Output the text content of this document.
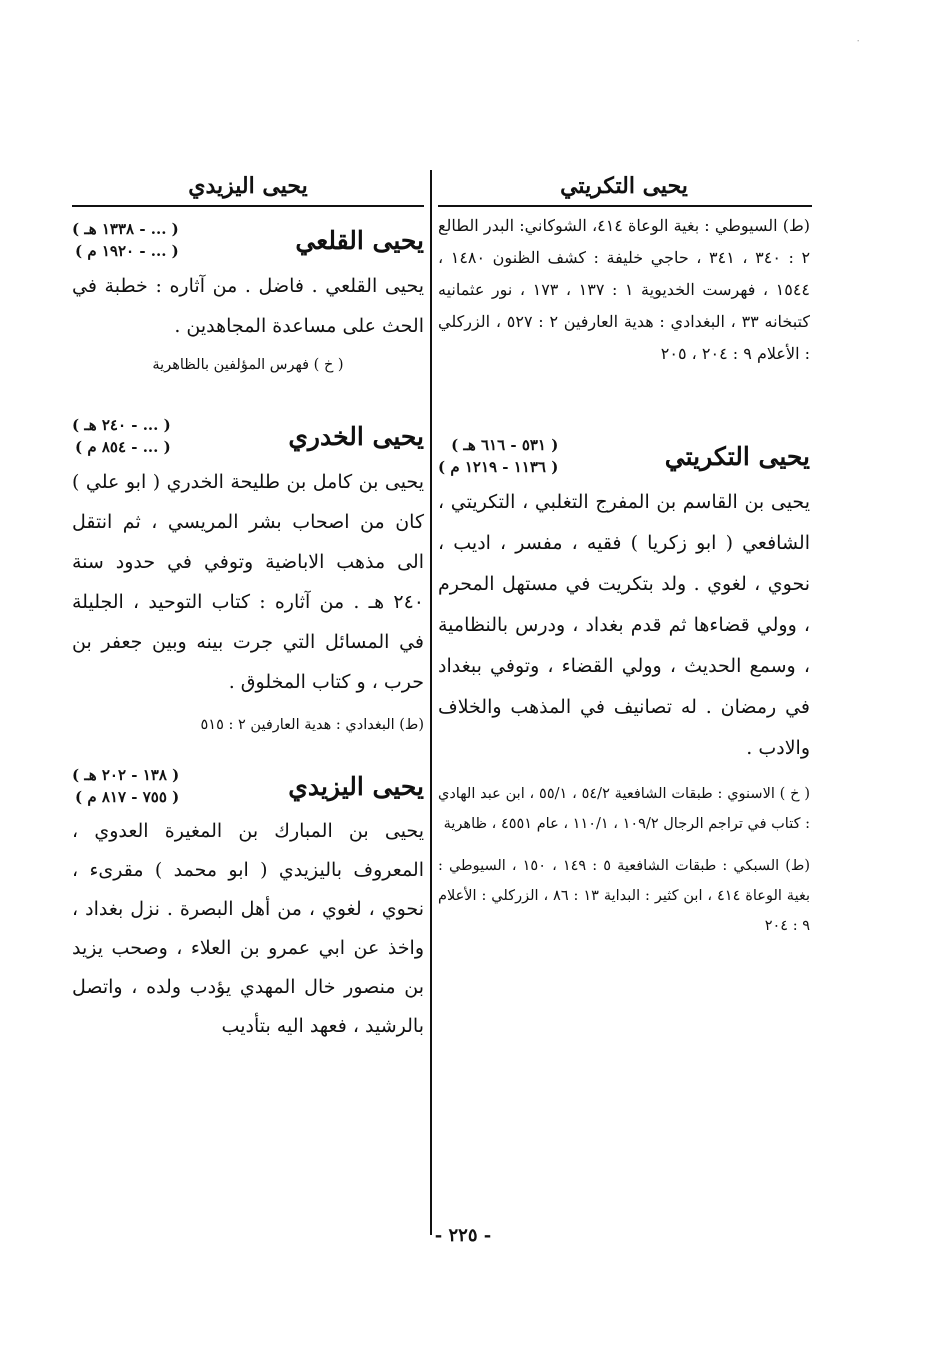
٠
يحيى التكريتي

(ط) السيوطي : بغية الوعاة ٤١٤، الشوكاني: البدر الطالع ٢ : ٣٤٠ ، ٣٤١ ، حاجي خليفة : كشف الظنون ١٤٨٠ ، ١٥٤٤ ، فهرست الخديوية ١ : ١٣٧ ، ١٧٣ ، نور عثمانيه كتبخانه ٣٣ ، البغدادي : هدية العارفين ٢ : ٥٢٧ ، الزركلي : الأعلام ٩ : ٢٠٤ ، ٢٠٥

يحيى التكريتي
( ٥٣١ - ٦١٦ هـ )
( ١١٣٦ - ١٢١٩ م )

يحيى بن القاسم بن المفرج التغلبي ، التكريتي ، الشافعي ( ابو زكريا ) فقيه ، مفسر ، اديب ، نحوي ، لغوي . ولد بتكريت في مستهل المحرم ، وولي قضاءها ثم قدم بغداد ، ودرس بالنظامية ، وسمع الحديث ، وولي القضاء ، وتوفي ببغداد في رمضان . له تصانيف في المذهب والخلاف والادب .

( خ ) الاسنوي : طبقات الشافعية ٥٤/٢ ، ٥٥/١ ، ابن عبد الهادي : كتاب في تراجم الرجال ١٠٩/٢ ، ١١٠/١ ، عام ٤٥٥١ ، ظاهرية

(ط) السبكي : طبقات الشافعية ٥ : ١٤٩ ، ١٥٠ ، السيوطي : بغية الوعاة ٤١٤ ، ابن كثير : البداية ١٣ : ٨٦ ، الزركلي : الأعلام ٩ : ٢٠٤

يحيى اليزيدي
يحيى القلعي
( ... - ١٣٣٨ هـ )
( ... - ١٩٢٠ م )

يحيى القلعي . فاضل . من آثاره : خطبة في الحث على مساعدة المجاهدين .

( خ ) فهرس المؤلفين بالظاهرية

يحيى الخدري
( ... - ٢٤٠ هـ )
( ... - ٨٥٤ م )

يحيى بن كامل بن طليحة الخدري ( ابو علي ) كان من اصحاب بشر المريسي ، ثم انتقل الى مذهب الاباضية وتوفي في حدود سنة ٢٤٠ هـ . من آثاره : كتاب التوحيد ، الجليلة في المسائل التي جرت بينه وبين جعفر بن حرب ، و كتاب المخلوق .

(ط) البغدادي : هدية العارفين ٢ : ٥١٥

يحيى اليزيدي
( ١٣٨ - ٢٠٢ هـ )
( ٧٥٥ - ٨١٧ م )

يحيى بن المبارك بن المغيرة العدوي ، المعروف باليزيدي ( ابو محمد ) مقرىء ، نحوي ، لغوي ، من أهل البصرة . نزل بغداد ، واخذ عن ابي عمرو بن العلاء ، وصحب يزيد بن منصور خال المهدي يؤدب ولده ، واتصل بالرشيد ، فعهد اليه بتأديب

- ٢٢٥ -
